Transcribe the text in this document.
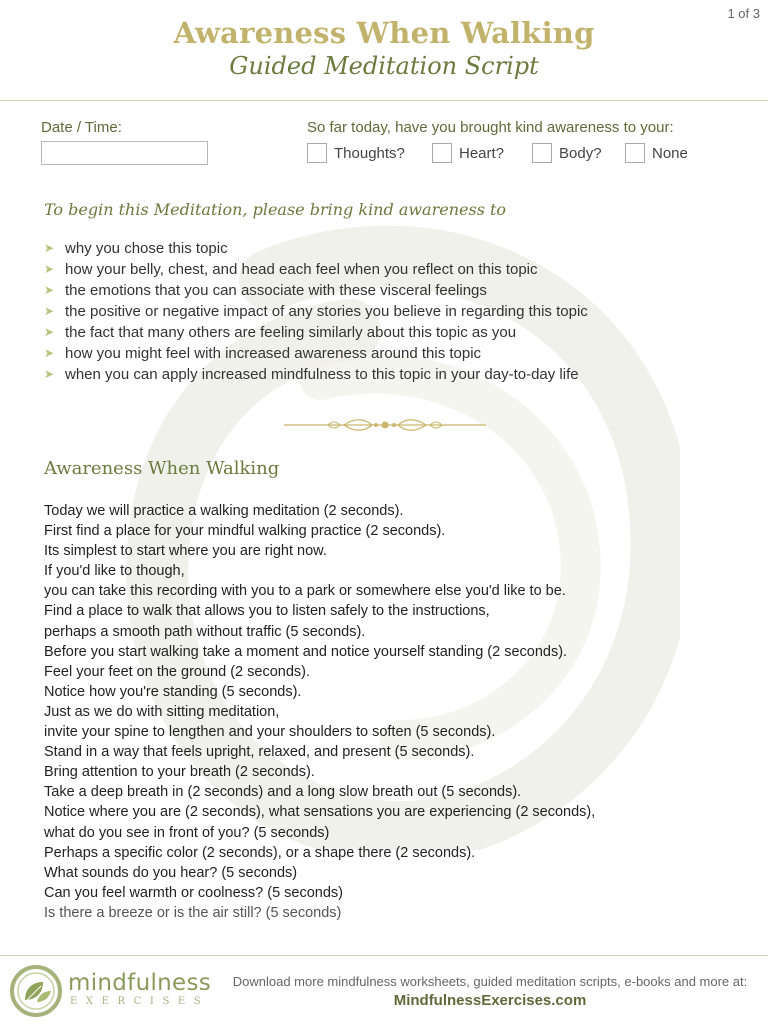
1 of 3
Awareness When Walking
Guided Meditation Script
Date / Time:	So far today, have you brought kind awareness to your:
Thoughts?	Heart?	Body?	None
To begin this Meditation, please bring kind awareness to
➤ why you chose this topic
➤ how your belly, chest, and head each feel when you reflect on this topic
➤ the emotions that you can associate with these visceral feelings
➤ the positive or negative impact of any stories you believe in regarding this topic
➤ the fact that many others are feeling similarly about this topic as you
➤ how you might feel with increased awareness around this topic
➤ when you can apply increased mindfulness to this topic in your day-to-day life
Awareness When Walking
Today we will practice a walking meditation (2 seconds).
First find a place for your mindful walking practice (2 seconds).
Its simplest to start where you are right now.
If you'd like to though,
you can take this recording with you to a park or somewhere else you'd like to be.
Find a place to walk that allows you to listen safely to the instructions,
perhaps a smooth path without traffic (5 seconds).
Before you start walking take a moment and notice yourself standing (2 seconds).
Feel your feet on the ground (2 seconds).
Notice how you're standing (5 seconds).
Just as we do with sitting meditation,
invite your spine to lengthen and your shoulders to soften (5 seconds).
Stand in a way that feels upright, relaxed, and present (5 seconds).
Bring attention to your breath (2 seconds).
Take a deep breath in (2 seconds) and a long slow breath out (5 seconds).
Notice where you are (2 seconds), what sensations you are experiencing (2 seconds),
what do you see in front of you? (5 seconds)
Perhaps a specific color (2 seconds), or a shape there (2 seconds).
What sounds do you hear? (5 seconds)
Can you feel warmth or coolness? (5 seconds)
Is there a breeze or is the air still? (5 seconds)
mindfulness
EXERCISES
Download more mindfulness worksheets, guided meditation scripts, e-books and more at:
MindfulnessExercises.com
